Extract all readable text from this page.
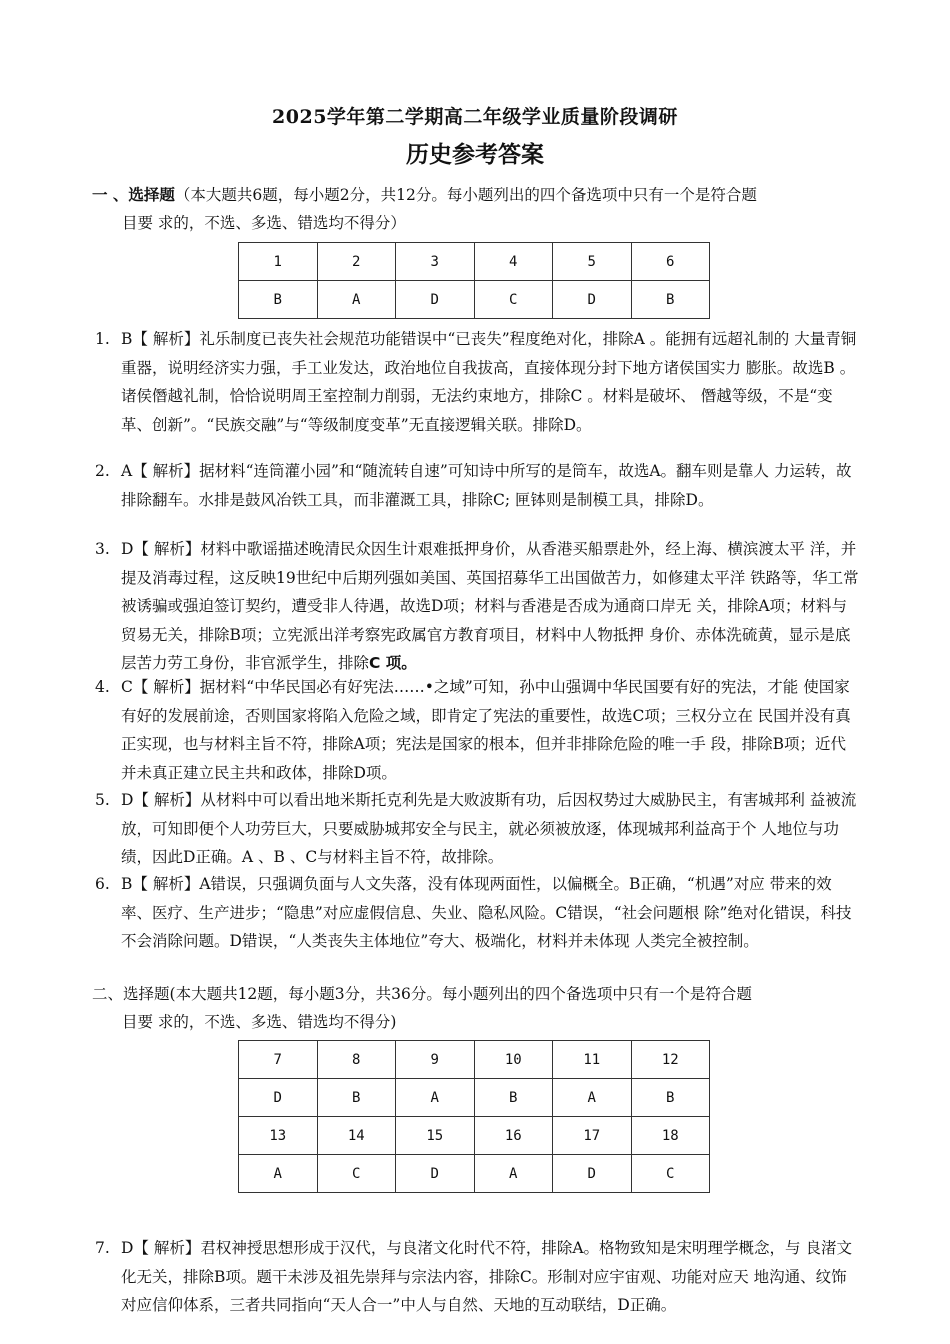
2025学年第二学期高二年级学业质量阶段调研
历史参考答案
一 、选择题（本大题共6题，每小题2分，共12分。每小题列出的四个备选项中只有一个是符合题
目要 求的，不选、多选、错选均不得分）
1	2	3	4	5	6
B	A	D	C	D	B
1. B【 解析】礼乐制度已丧失社会规范功能错误中“已丧失”程度绝对化，排除A 。能拥有远超礼制的 大量青铜重器，说明经济实力强，手工业发达，政治地位自我拔高，直接体现分封下地方诸侯国实力 膨胀。故选B 。诸侯僭越礼制，恰恰说明周王室控制力削弱，无法约束地方，排除C 。材料是破坏、 僭越等级，不是“变革、创新”。“民族交融”与“等级制度变革”无直接逻辑关联。排除D。
2. A【 解析】据材料“连筒灌小园”和“随流转自速”可知诗中所写的是筒车，故选A。翻车则是靠人 力运转，故排除翻车。水排是鼓风冶铁工具，而非灌溉工具，排除C; 匣钵则是制模工具，排除D。
3. D【 解析】材料中歌谣描述晚清民众因生计艰难抵押身价，从香港买船票赴外，经上海、横滨渡太平 洋，并提及消毒过程，这反映19世纪中后期列强如美国、英国招募华工出国做苦力，如修建太平洋 铁路等，华工常被诱骗或强迫签订契约，遭受非人待遇，故选D项；材料与香港是否成为通商口岸无 关，排除A项；材料与贸易无关，排除B项；立宪派出洋考察宪政属官方教育项目，材料中人物抵押 身价、赤体洗硫黄，显示是底层苦力劳工身份，非官派学生，排除C 项。
4. C【 解析】据材料“中华民国必有好宪法……•之域”可知，孙中山强调中华民国要有好的宪法，才能 使国家有好的发展前途，否则国家将陷入危险之域，即肯定了宪法的重要性，故选C项；三权分立在 民国并没有真正实现，也与材料主旨不符，排除A项；宪法是国家的根本，但并非排除危险的唯一手 段，排除B项；近代并未真正建立民主共和政体，排除D项。
5. D【 解析】从材料中可以看出地米斯托克利先是大败波斯有功，后因权势过大威胁民主，有害城邦利 益被流放，可知即便个人功劳巨大，只要威胁城邦安全与民主，就必须被放逐，体现城邦利益高于个 人地位与功绩，因此D正确。A 、B 、C与材料主旨不符，故排除。
6. B【 解析】A错误，只强调负面与人文失落，没有体现两面性，以偏概全。B正确，“机遇”对应 带来的效率、医疗、生产进步；“隐患”对应虚假信息、失业、隐私风险。C错误，“社会问题根 除”绝对化错误，科技不会消除问题。D错误，“人类丧失主体地位”夸大、极端化，材料并未体现 人类完全被控制。
二、选择题(本大题共12题，每小题3分，共36分。每小题列出的四个备选项中只有一个是符合题
目要 求的，不选、多选、错选均不得分)
7	8	9	10	11	12
D	B	A	B	A	B
13	14	15	16	17	18
A	C	D	A	D	C
7. D【 解析】君权神授思想形成于汉代，与良渚文化时代不符，排除A。格物致知是宋明理学概念，与 良渚文化无关，排除B项。题干未涉及祖先崇拜与宗法内容，排除C。形制对应宇宙观、功能对应天 地沟通、纹饰对应信仰体系，三者共同指向“天人合一”中人与自然、天地的互动联结，D正确。
